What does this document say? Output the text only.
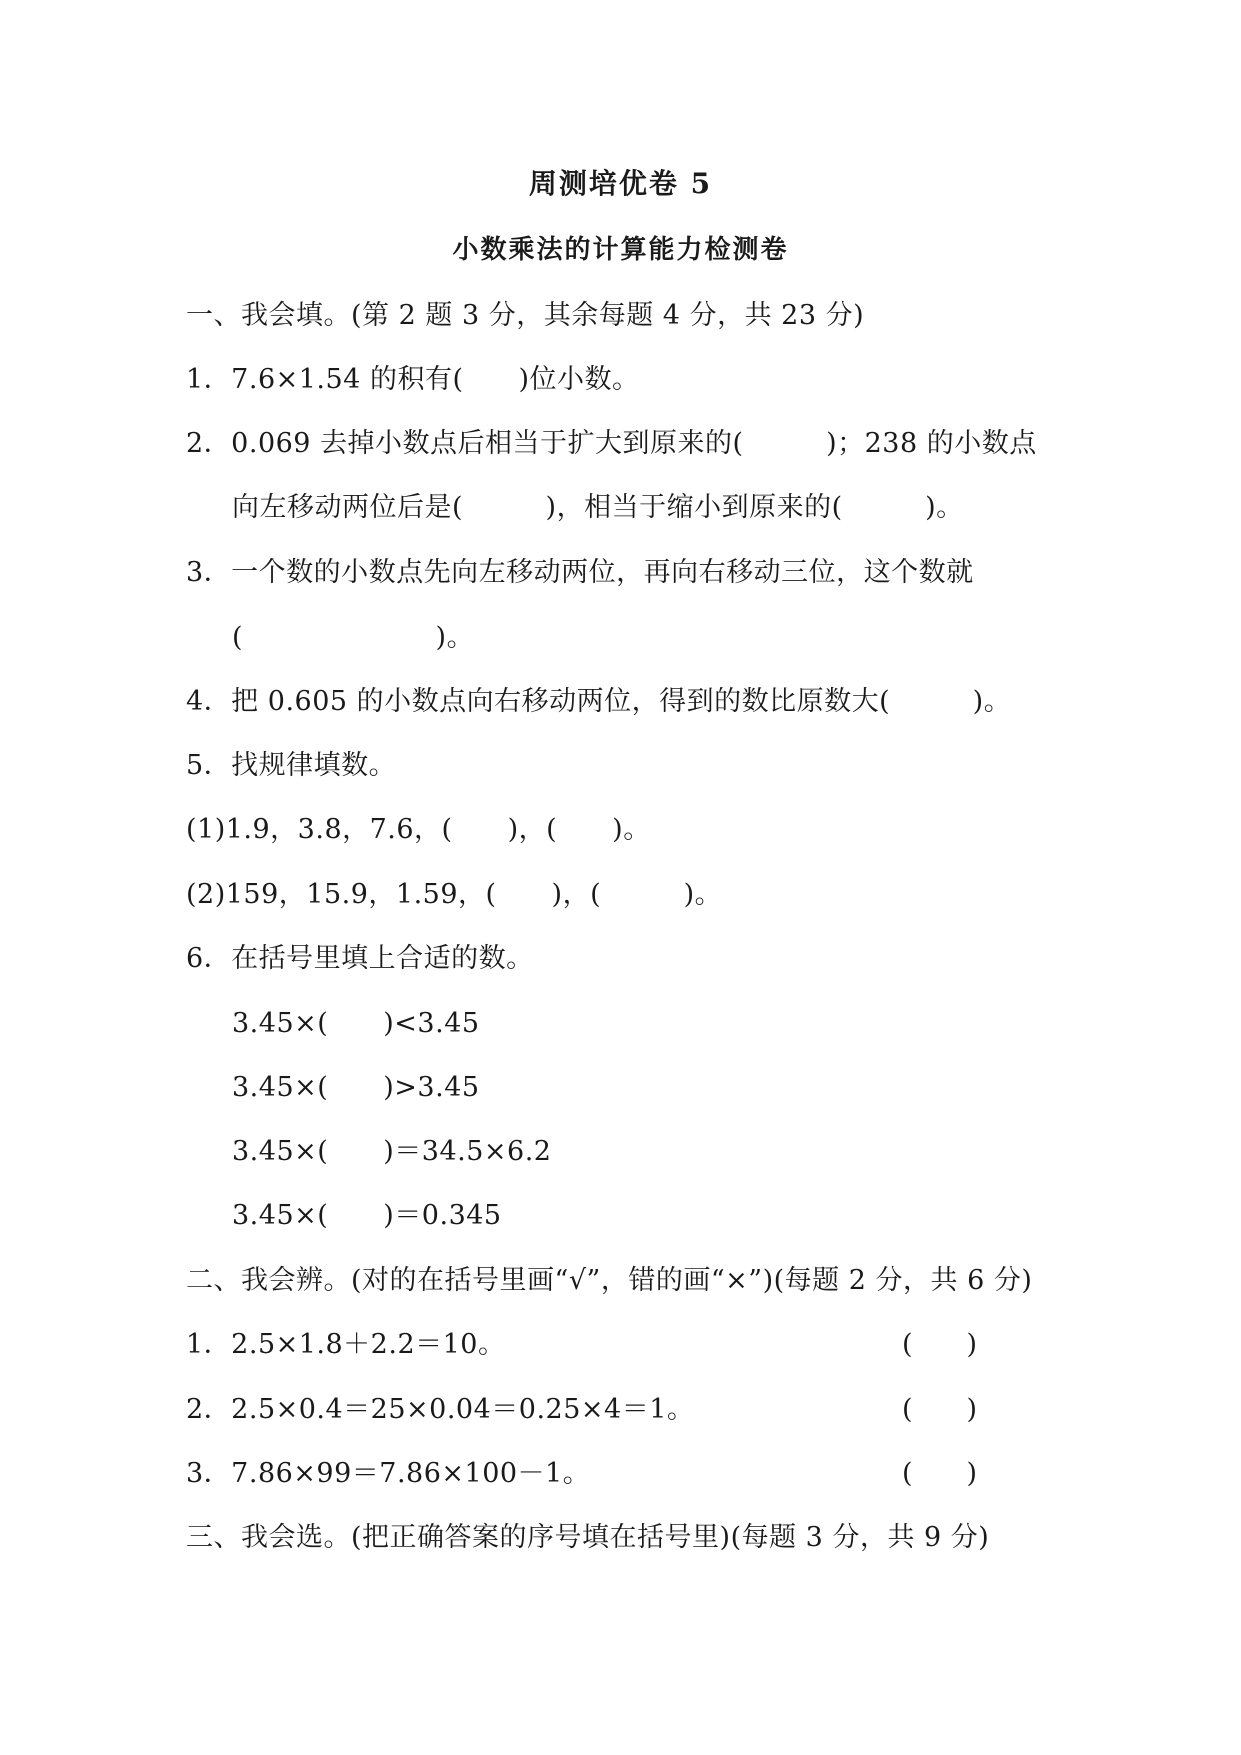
周测培优卷 5
小数乘法的计算能力检测卷
一、我会填。(第 2 题 3 分，其余每题 4 分，共 23 分)
1．7.6×1.54 的积有(　　)位小数。
2．0.069 去掉小数点后相当于扩大到原来的(　　　)；238 的小数点
向左移动两位后是(　　　)，相当于缩小到原来的(　　　)。
3．一个数的小数点先向左移动两位，再向右移动三位，这个数就
(　　　　　　　)。
4．把 0.605 的小数点向右移动两位，得到的数比原数大(　　　)。
5．找规律填数。
(1)1.9，3.8，7.6，(　　)，(　　)。
(2)159，15.9，1.59，(　　)，(　　　)。
6．在括号里填上合适的数。
3.45×(　　)<3.45
3.45×(　　)>3.45
3.45×(　　)＝34.5×6.2
3.45×(　　)＝0.345
二、我会辨。(对的在括号里画“√”，错的画“×”)(每题 2 分，共 6 分)
1．2.5×1.8＋2.2＝10。	(　　)
2．2.5×0.4＝25×0.04＝0.25×4＝1。	(　　)
3．7.86×99＝7.86×100－1。	(　　)
三、我会选。(把正确答案的序号填在括号里)(每题 3 分，共 9 分)
